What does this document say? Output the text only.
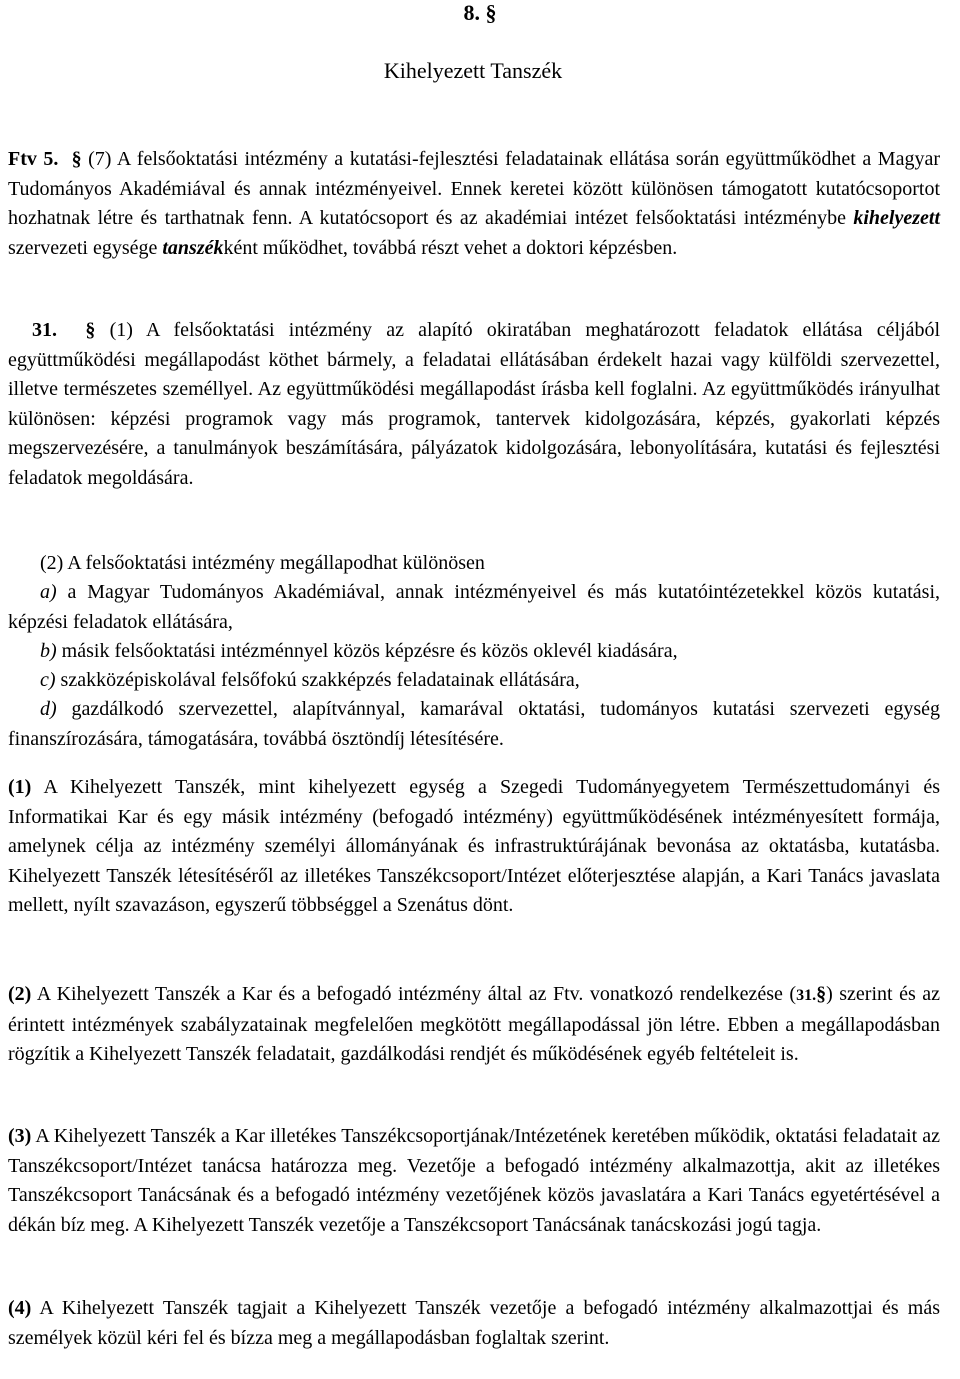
8. §
Kihelyezett Tanszék
Ftv 5. § (7) A felsőoktatási intézmény a kutatási-fejlesztési feladatainak ellátása során együttműködhet a Magyar Tudományos Akadémiával és annak intézményeivel. Ennek keretei között különösen támogatott kutatócsoportot hozhatnak létre és tarthatnak fenn. A kutatócsoport és az akadémiai intézet felsőoktatási intézménybe kihelyezett szervezeti egysége tanszékként működhet, továbbá részt vehet a doktori képzésben.
31. § (1) A felsőoktatási intézmény az alapító okiratában meghatározott feladatok ellátása céljából együttműködési megállapodást köthet bármely, a feladatai ellátásában érdekelt hazai vagy külföldi szervezettel, illetve természetes személlyel. Az együttműködési megállapodást írásba kell foglalni. Az együttműködés irányulhat különösen: képzési programok vagy más programok, tantervek kidolgozására, képzés, gyakorlati képzés megszervezésére, a tanulmányok beszámítására, pályázatok kidolgozására, lebonyolítására, kutatási és fejlesztési feladatok megoldására.
(2) A felsőoktatási intézmény megállapodhat különösen
a) a Magyar Tudományos Akadémiával, annak intézményeivel és más kutatóintézetekkel közös kutatási, képzési feladatok ellátására,
b) másik felsőoktatási intézménnyel közös képzésre és közös oklevél kiadására,
c) szakközépiskolával felsőfokú szakképzés feladatainak ellátására,
d) gazdálkodó szervezettel, alapítvánnyal, kamarával oktatási, tudományos kutatási szervezeti egység finanszírozására, támogatására, továbbá ösztöndíj létesítésére.
(1) A Kihelyezett Tanszék, mint kihelyezett egység a Szegedi Tudományegyetem Természettudományi és Informatikai Kar és egy másik intézmény (befogadó intézmény) együttműködésének intézményesített formája, amelynek célja az intézmény személyi állományának és infrastruktúrájának bevonása az oktatásba, kutatásba. Kihelyezett Tanszék létesítéséről az illetékes Tanszékcsoport/Intézet előterjesztése alapján, a Kari Tanács javaslata mellett, nyílt szavazáson, egyszerű többséggel a Szenátus dönt.
(2) A Kihelyezett Tanszék a Kar és a befogadó intézmény által az Ftv. vonatkozó rendelkezése (31.§) szerint és az érintett intézmények szabályzatainak megfelelően megkötött megállapodással jön létre. Ebben a megállapodásban rögzítik a Kihelyezett Tanszék feladatait, gazdálkodási rendjét és működésének egyéb feltételeit is.
(3) A Kihelyezett Tanszék a Kar illetékes Tanszékcsoportjának/Intézetének keretében működik, oktatási feladatait az Tanszékcsoport/Intézet tanácsa határozza meg. Vezetője a befogadó intézmény alkalmazottja, akit az illetékes Tanszékcsoport Tanácsának és a befogadó intézmény vezetőjének közös javaslatára a Kari Tanács egyetértésével a dékán bíz meg. A Kihelyezett Tanszék vezetője a Tanszékcsoport Tanácsának tanácskozási jogú tagja.
(4) A Kihelyezett Tanszék tagjait a Kihelyezett Tanszék vezetője a befogadó intézmény alkalmazottjai és más személyek közül kéri fel és bízza meg a megállapodásban foglaltak szerint.
